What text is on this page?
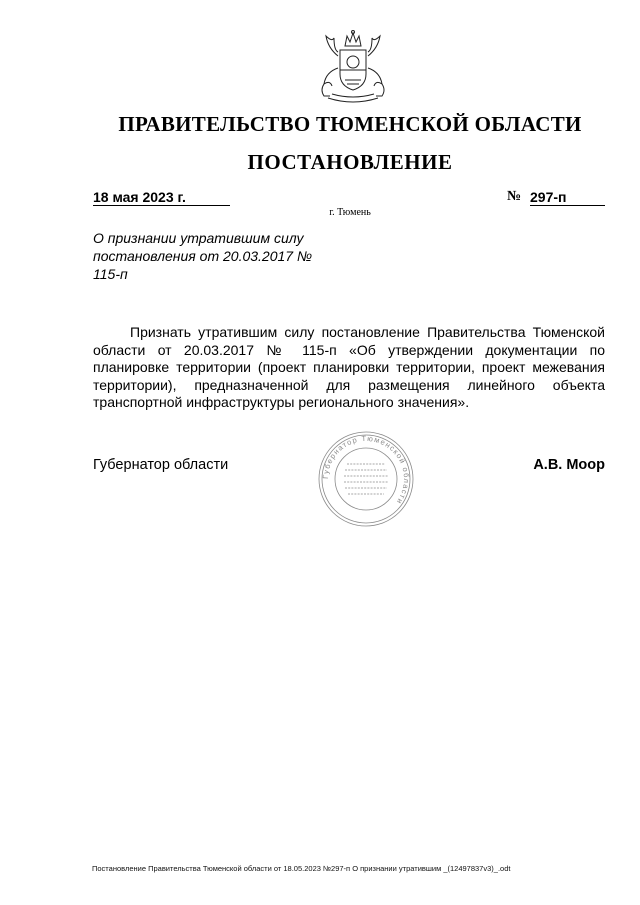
ПРАВИТЕЛЬСТВО ТЮМЕНСКОЙ ОБЛАСТИ
ПОСТАНОВЛЕНИЕ
18 мая 2023 г.	№ 297-п
г. Тюмень
О признании утратившим силу постановления от 20.03.2017 № 115-п
Признать утратившим силу постановление Правительства Тюменской области от 20.03.2017 № 115-п «Об утверждении документации по планировке территории (проект планировки территории, проект межевания территории), предназначенной для размещения линейного объекта транспортной инфраструктуры регионального значения».
Губернатор области	А.В. Моор
Губернатор Тюменской области
Постановление Правительства Тюменской области от 18.05.2023 №297-п О признании утратившим _(12497837v3)_.odt
